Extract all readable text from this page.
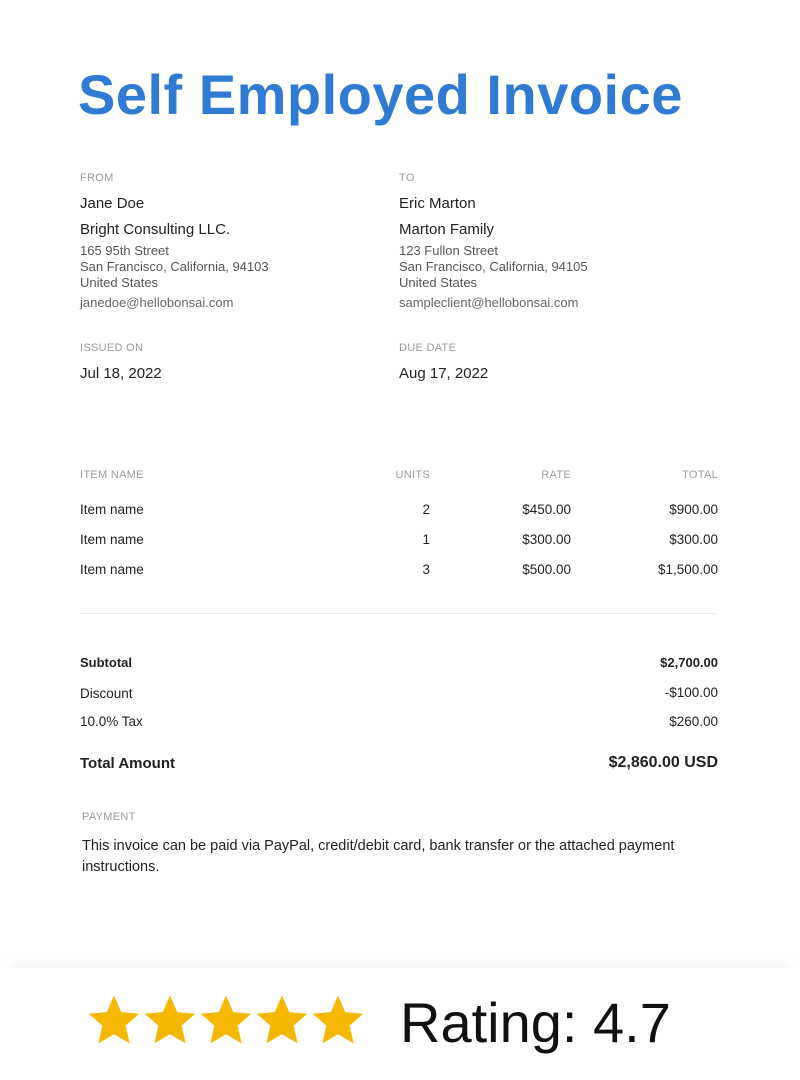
Self Employed Invoice
FROM
Jane Doe
Bright Consulting LLC.
165 95th Street
San Francisco, California, 94103
United States
janedoe@hellobonsai.com
TO
Eric Marton
Marton Family
123 Fullon Street
San Francisco, California, 94105
United States
sampleclient@hellobonsai.com
ISSUED ON
Jul 18, 2022
DUE DATE
Aug 17, 2022
ITEM NAME	UNITS	RATE	TOTAL
Item name	2	$450.00	$900.00
Item name	1	$300.00	$300.00
Item name	3	$500.00	$1,500.00
Subtotal	$2,700.00
Discount	-$100.00
10.0% Tax	$260.00
Total Amount	$2,860.00 USD
PAYMENT
This invoice can be paid via PayPal, credit/debit card, bank transfer or the attached payment instructions.
Rating: 4.7
